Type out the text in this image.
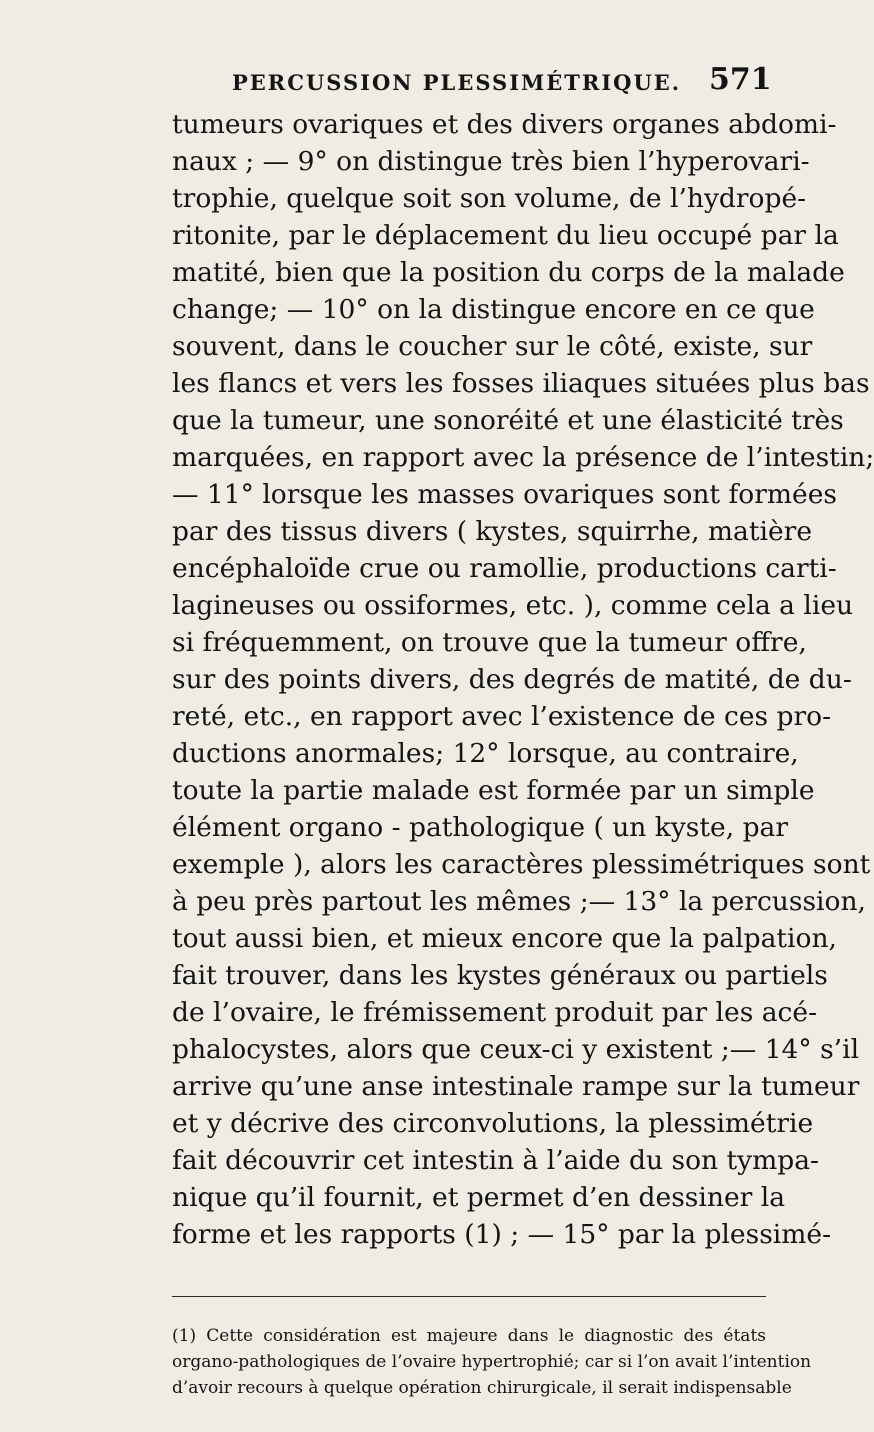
PERCUSSION PLESSIMÉTRIQUE. 571
tumeurs ovariques et des divers organes abdomi-
naux ; — 9° on distingue très bien l’hyperovari-
trophie, quelque soit son volume, de l’hydropé-
ritonite, par le déplacement du lieu occupé par la
matité, bien que la position du corps de la malade
change; — 10° on la distingue encore en ce que
souvent, dans le coucher sur le côté, existe, sur
les flancs et vers les fosses iliaques situées plus bas
que la tumeur, une sonoréité et une élasticité très
marquées, en rapport avec la présence de l’intestin;
— 11° lorsque les masses ovariques sont formées
par des tissus divers ( kystes, squirrhe, matière
encéphaloïde crue ou ramollie, productions carti-
lagineuses ou ossiformes, etc. ), comme cela a lieu
si fréquemment, on trouve que la tumeur offre,
sur des points divers, des degrés de matité, de du-
reté, etc., en rapport avec l’existence de ces pro-
ductions anormales; 12° lorsque, au contraire,
toute la partie malade est formée par un simple
élément organo - pathologique ( un kyste, par
exemple ), alors les caractères plessimétriques sont
à peu près partout les mêmes ;— 13° la percussion,
tout aussi bien, et mieux encore que la palpation,
fait trouver, dans les kystes généraux ou partiels
de l’ovaire, le frémissement produit par les acé-
phalocystes, alors que ceux-ci y existent ;— 14° s’il
arrive qu’une anse intestinale rampe sur la tumeur
et y décrive des circonvolutions, la plessimétrie
fait découvrir cet intestin à l’aide du son tympa-
nique qu’il fournit, et permet d’en dessiner la
forme et les rapports (1) ; — 15° par la plessimé-
(1) Cette considération est majeure dans le diagnostic des états
organo-pathologiques de l’ovaire hypertrophié; car si l’on avait l’intention
d’avoir recours à quelque opération chirurgicale, il serait indispensable
